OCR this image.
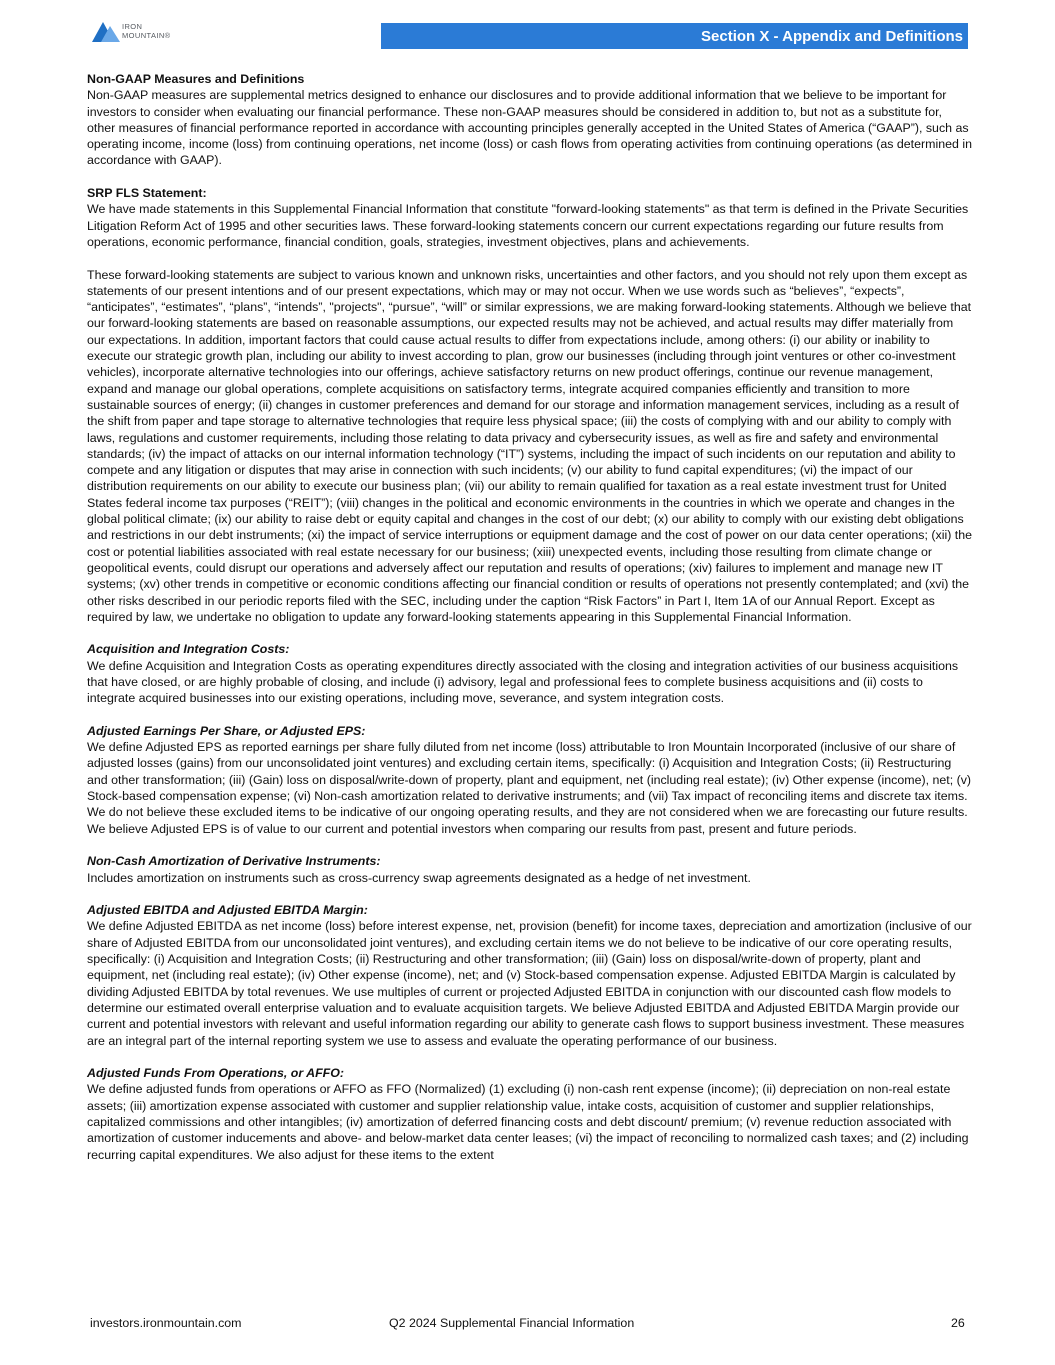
IRON
MOUNTAIN®	Section X - Appendix and Definitions
Non-GAAP Measures and Definitions

Non-GAAP measures are supplemental metrics designed to enhance our disclosures and to provide additional information that we believe to be important for investors to consider when evaluating our financial performance. These non-GAAP measures should be considered in addition to, but not as a substitute for, other measures of financial performance reported in accordance with accounting principles generally accepted in the United States of America (“GAAP”), such as operating income, income (loss) from continuing operations, net income (loss) or cash flows from operating activities from continuing operations (as determined in accordance with GAAP).

SRP FLS Statement:

We have made statements in this Supplemental Financial Information that constitute "forward-looking statements" as that term is defined in the Private Securities Litigation Reform Act of 1995 and other securities laws. These forward-looking statements concern our current expectations regarding our future results from operations, economic performance, financial condition, goals, strategies, investment objectives, plans and achievements.

These forward-looking statements are subject to various known and unknown risks, uncertainties and other factors, and you should not rely upon them except as statements of our present intentions and of our present expectations, which may or may not occur. When we use words such as “believes”, “expects”, “anticipates”, “estimates”, “plans”, “intends”, "projects", “pursue”, “will” or similar expressions, we are making forward-looking statements. Although we believe that our forward-looking statements are based on reasonable assumptions, our expected results may not be achieved, and actual results may differ materially from our expectations. In addition, important factors that could cause actual results to differ from expectations include, among others: (i) our ability or inability to execute our strategic growth plan, including our ability to invest according to plan, grow our businesses (including through joint ventures or other co-investment vehicles), incorporate alternative technologies into our offerings, achieve satisfactory returns on new product offerings, continue our revenue management, expand and manage our global operations, complete acquisitions on satisfactory terms, integrate acquired companies efficiently and transition to more sustainable sources of energy; (ii) changes in customer preferences and demand for our storage and information management services, including as a result of the shift from paper and tape storage to alternative technologies that require less physical space; (iii) the costs of complying with and our ability to comply with laws, regulations and customer requirements, including those relating to data privacy and cybersecurity issues, as well as fire and safety and environmental standards; (iv) the impact of attacks on our internal information technology (“IT”) systems, including the impact of such incidents on our reputation and ability to compete and any litigation or disputes that may arise in connection with such incidents; (v) our ability to fund capital expenditures; (vi) the impact of our distribution requirements on our ability to execute our business plan; (vii) our ability to remain qualified for taxation as a real estate investment trust for United States federal income tax purposes (“REIT”); (viii) changes in the political and economic environments in the countries in which we operate and changes in the global political climate; (ix) our ability to raise debt or equity capital and changes in the cost of our debt; (x) our ability to comply with our existing debt obligations and restrictions in our debt instruments; (xi) the impact of service interruptions or equipment damage and the cost of power on our data center operations; (xii) the cost or potential liabilities associated with real estate necessary for our business; (xiii) unexpected events, including those resulting from climate change or geopolitical events, could disrupt our operations and adversely affect our reputation and results of operations; (xiv) failures to implement and manage new IT systems; (xv) other trends in competitive or economic conditions affecting our financial condition or results of operations not presently contemplated; and (xvi) the other risks described in our periodic reports filed with the SEC, including under the caption “Risk Factors” in Part I, Item 1A of our Annual Report. Except as required by law, we undertake no obligation to update any forward-looking statements appearing in this Supplemental Financial Information.

Acquisition and Integration Costs:

We define Acquisition and Integration Costs as operating expenditures directly associated with the closing and integration activities of our business acquisitions that have closed, or are highly probable of closing, and include (i) advisory, legal and professional fees to complete business acquisitions and (ii) costs to integrate acquired businesses into our existing operations, including move, severance, and system integration costs.

Adjusted Earnings Per Share, or Adjusted EPS:

We define Adjusted EPS as reported earnings per share fully diluted from net income (loss) attributable to Iron Mountain Incorporated (inclusive of our share of adjusted losses (gains) from our unconsolidated joint ventures) and excluding certain items, specifically: (i) Acquisition and Integration Costs; (ii) Restructuring and other transformation; (iii) (Gain) loss on disposal/write-down of property, plant and equipment, net (including real estate); (iv) Other expense (income), net; (v) Stock-based compensation expense; (vi) Non-cash amortization related to derivative instruments; and (vii) Tax impact of reconciling items and discrete tax items. We do not believe these excluded items to be indicative of our ongoing operating results, and they are not considered when we are forecasting our future results. We believe Adjusted EPS is of value to our current and potential investors when comparing our results from past, present and future periods.

Non-Cash Amortization of Derivative Instruments:

Includes amortization on instruments such as cross-currency swap agreements designated as a hedge of net investment.

Adjusted EBITDA and Adjusted EBITDA Margin:

We define Adjusted EBITDA as net income (loss) before interest expense, net, provision (benefit) for income taxes, depreciation and amortization (inclusive of our share of Adjusted EBITDA from our unconsolidated joint ventures), and excluding certain items we do not believe to be indicative of our core operating results, specifically: (i) Acquisition and Integration Costs; (ii) Restructuring and other transformation; (iii) (Gain) loss on disposal/write-down of property, plant and equipment, net (including real estate); (iv) Other expense (income), net; and (v) Stock-based compensation expense. Adjusted EBITDA Margin is calculated by dividing Adjusted EBITDA by total revenues. We use multiples of current or projected Adjusted EBITDA in conjunction with our discounted cash flow models to determine our estimated overall enterprise valuation and to evaluate acquisition targets. We believe Adjusted EBITDA and Adjusted EBITDA Margin provide our current and potential investors with relevant and useful information regarding our ability to generate cash flows to support business investment. These measures are an integral part of the internal reporting system we use to assess and evaluate the operating performance of our business.

Adjusted Funds From Operations, or AFFO:

We define adjusted funds from operations or AFFO as FFO (Normalized) (1) excluding (i) non-cash rent expense (income); (ii) depreciation on non-real estate assets; (iii) amortization expense associated with customer and supplier relationship value, intake costs, acquisition of customer and supplier relationships, capitalized commissions and other intangibles; (iv) amortization of deferred financing costs and debt discount/ premium; (v) revenue reduction associated with amortization of customer inducements and above- and below-market data center leases; (vi) the impact of reconciling to normalized cash taxes; and (2) including recurring capital expenditures. We also adjust for these items to the extent

investors.ironmountain.com	Q2 2024 Supplemental Financial Information	26
